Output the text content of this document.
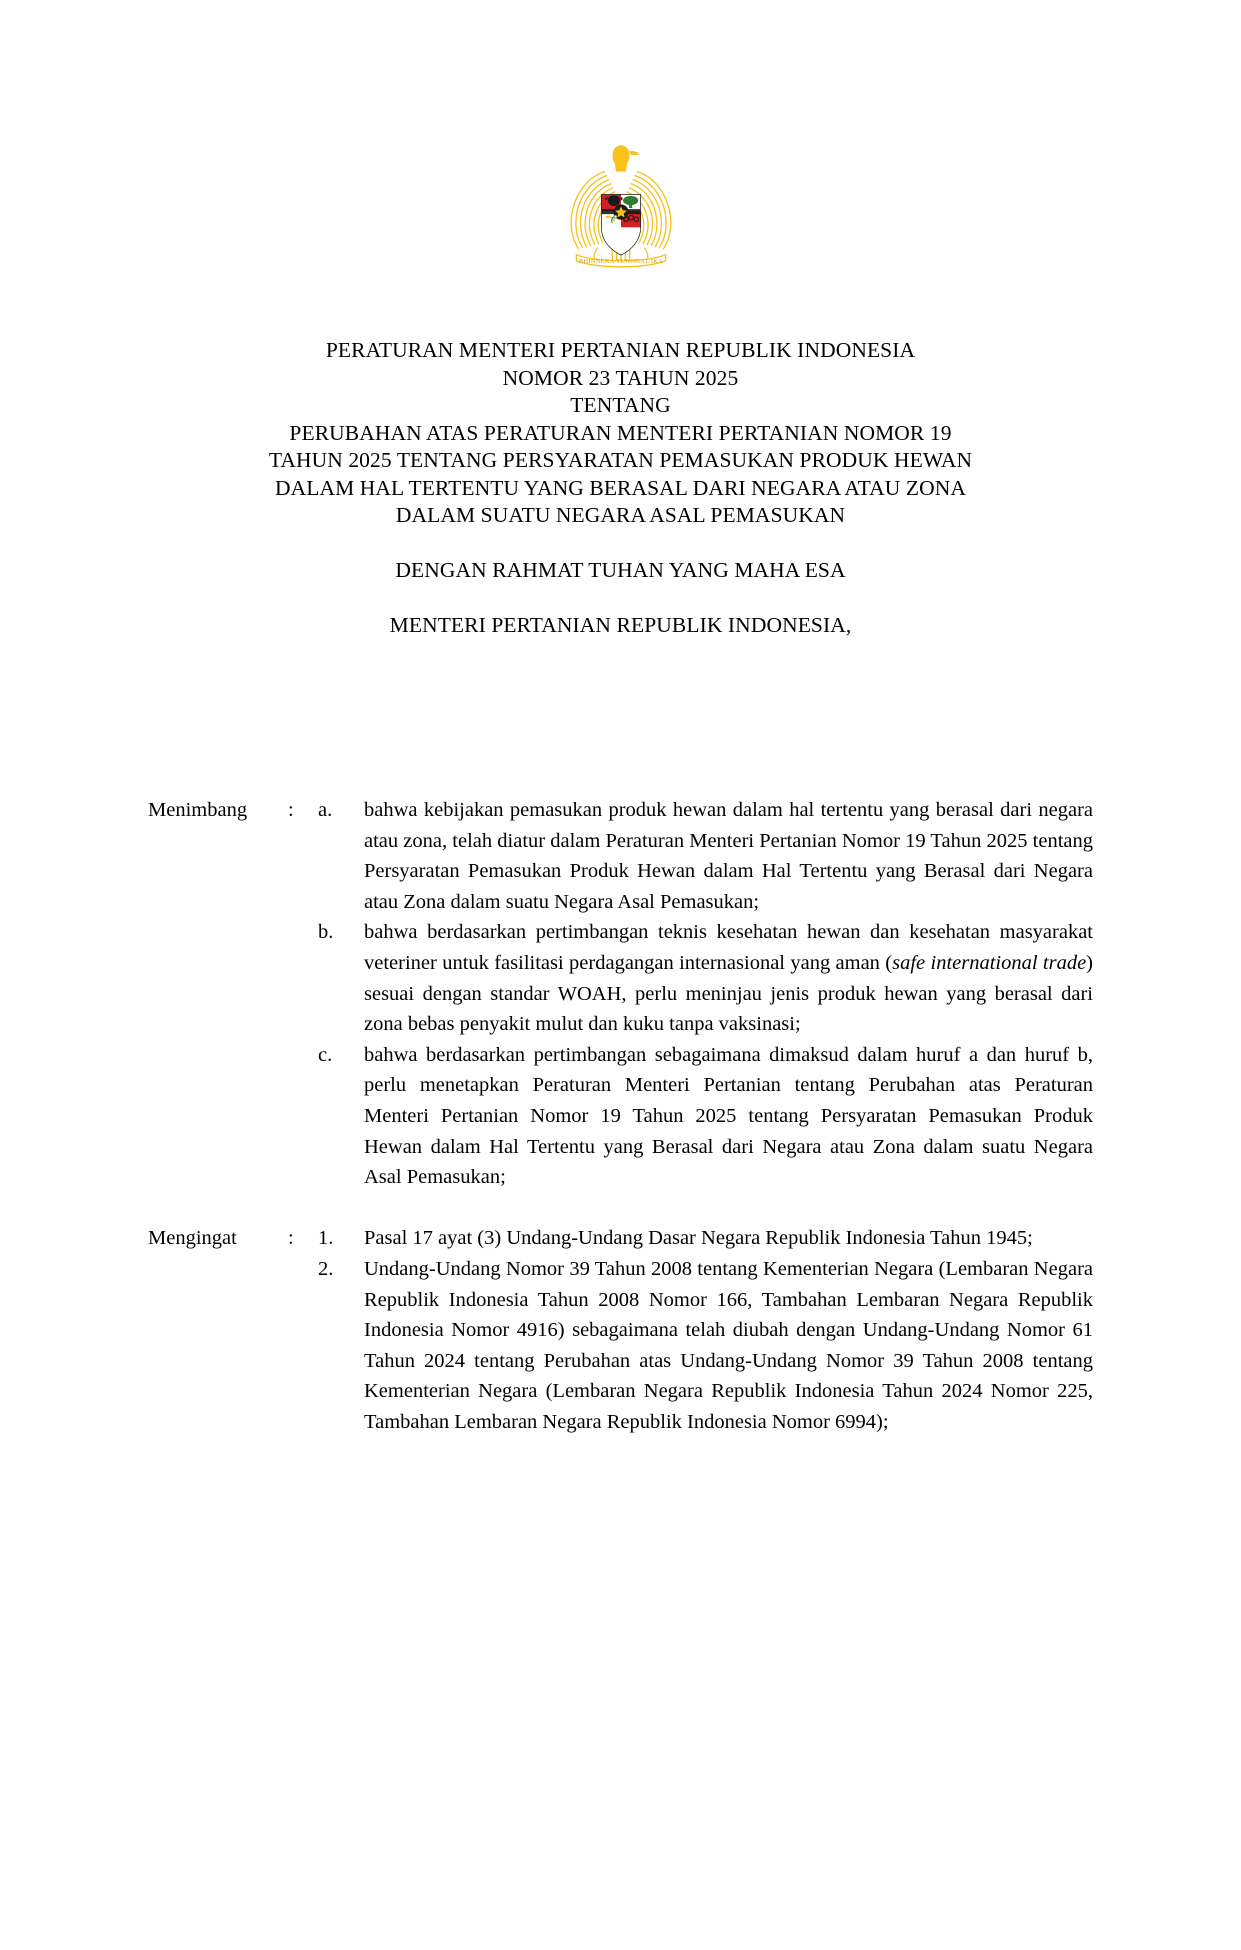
BHINNEKA TUNGGAL IKA
PERATURAN MENTERI PERTANIAN REPUBLIK INDONESIA
NOMOR 23 TAHUN 2025
TENTANG
PERUBAHAN ATAS PERATURAN MENTERI PERTANIAN NOMOR 19
TAHUN 2025 TENTANG PERSYARATAN PEMASUKAN PRODUK HEWAN
DALAM HAL TERTENTU YANG BERASAL DARI NEGARA ATAU ZONA
DALAM SUATU NEGARA ASAL PEMASUKAN
DENGAN RAHMAT TUHAN YANG MAHA ESA
MENTERI PERTANIAN REPUBLIK INDONESIA,
Menimbang	:	a.	bahwa kebijakan pemasukan produk hewan dalam hal tertentu yang berasal dari negara atau zona, telah diatur dalam Peraturan Menteri Pertanian Nomor 19 Tahun 2025 tentang Persyaratan Pemasukan Produk Hewan dalam Hal Tertentu yang Berasal dari Negara atau Zona dalam suatu Negara Asal Pemasukan;
b.	bahwa berdasarkan pertimbangan teknis kesehatan hewan dan kesehatan masyarakat veteriner untuk fasilitasi perdagangan internasional yang aman (safe international trade) sesuai dengan standar WOAH, perlu meninjau jenis produk hewan yang berasal dari zona bebas penyakit mulut dan kuku tanpa vaksinasi;
c.	bahwa berdasarkan pertimbangan sebagaimana dimaksud dalam huruf a dan huruf b, perlu menetapkan Peraturan Menteri Pertanian tentang Perubahan atas Peraturan Menteri Pertanian Nomor 19 Tahun 2025 tentang Persyaratan Pemasukan Produk Hewan dalam Hal Tertentu yang Berasal dari Negara atau Zona dalam suatu Negara Asal Pemasukan;
Mengingat	:	1.	Pasal 17 ayat (3) Undang-Undang Dasar Negara Republik Indonesia Tahun 1945;
2.	Undang-Undang Nomor 39 Tahun 2008 tentang Kementerian Negara (Lembaran Negara Republik Indonesia Tahun 2008 Nomor 166, Tambahan Lembaran Negara Republik Indonesia Nomor 4916) sebagaimana telah diubah dengan Undang-Undang Nomor 61 Tahun 2024 tentang Perubahan atas Undang-Undang Nomor 39 Tahun 2008 tentang Kementerian Negara (Lembaran Negara Republik Indonesia Tahun 2024 Nomor 225, Tambahan Lembaran Negara Republik Indonesia Nomor 6994);
